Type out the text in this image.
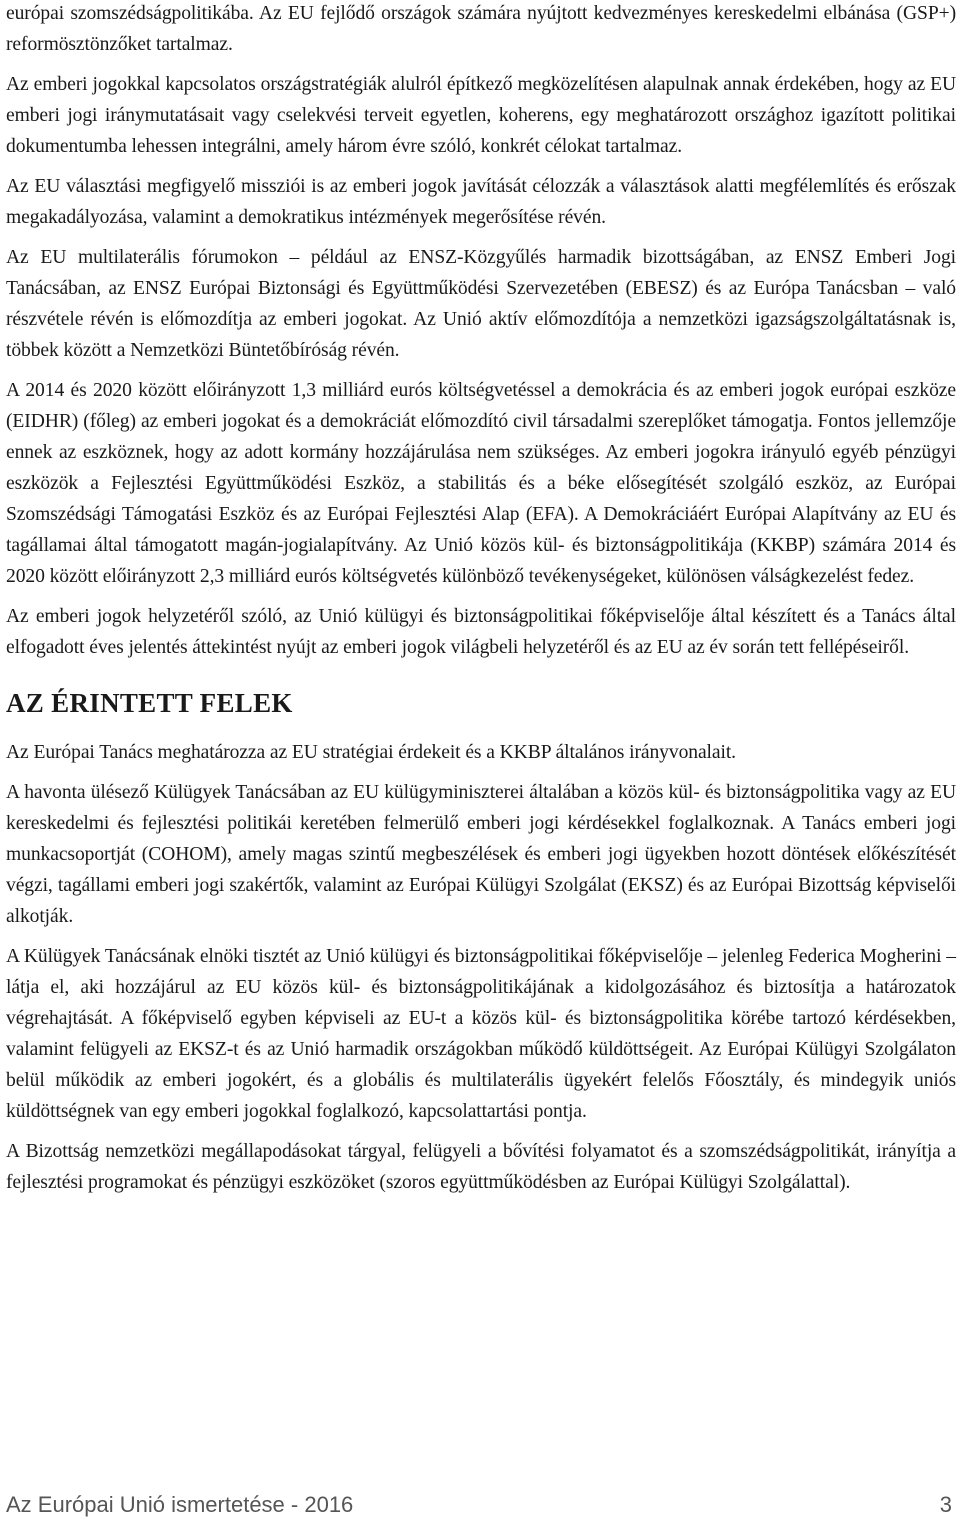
európai szomszédságpolitikába. Az EU fejlődő országok számára nyújtott kedvezményes kereskedelmi elbánása (GSP+) reformösztönzőket tartalmaz.

Az emberi jogokkal kapcsolatos országstratégiák alulról építkező megközelítésen alapulnak annak érdekében, hogy az EU emberi jogi iránymutatásait vagy cselekvési terveit egyetlen, koherens, egy meghatározott országhoz igazított politikai dokumentumba lehessen integrálni, amely három évre szóló, konkrét célokat tartalmaz.

Az EU választási megfigyelő missziói is az emberi jogok javítását célozzák a választások alatti megfélemlítés és erőszak megakadályozása, valamint a demokratikus intézmények megerősítése révén.

Az EU multilaterális fórumokon – például az ENSZ-Közgyűlés harmadik bizottságában, az ENSZ Emberi Jogi Tanácsában, az ENSZ Európai Biztonsági és Együttműködési Szervezetében (EBESZ) és az Európa Tanácsban – való részvétele révén is előmozdítja az emberi jogokat. Az Unió aktív előmozdítója a nemzetközi igazságszolgáltatásnak is, többek között a Nemzetközi Büntetőbíróság révén.

A 2014 és 2020 között előirányzott 1,3 milliárd eurós költségvetéssel a demokrácia és az emberi jogok európai eszköze (EIDHR) (főleg) az emberi jogokat és a demokráciát előmozdító civil társadalmi szereplőket támogatja. Fontos jellemzője ennek az eszköznek, hogy az adott kormány hozzájárulása nem szükséges. Az emberi jogokra irányuló egyéb pénzügyi eszközök a Fejlesztési Együttműködési Eszköz, a stabilitás és a béke elősegítését szolgáló eszköz, az Európai Szomszédsági Támogatási Eszköz és az Európai Fejlesztési Alap (EFA). A Demokráciáért Európai Alapítvány az EU és tagállamai által támogatott magán-jogialapítvány. Az Unió közös kül- és biztonságpolitikája (KKBP) számára 2014 és 2020 között előirányzott 2,3 milliárd eurós költségvetés különböző tevékenységeket, különösen válságkezelést fedez.

Az emberi jogok helyzetéről szóló, az Unió külügyi és biztonságpolitikai főképviselője által készített és a Tanács által elfogadott éves jelentés áttekintést nyújt az emberi jogok világbeli helyzetéről és az EU az év során tett fellépéseiről.

AZ ÉRINTETT FELEK

Az Európai Tanács meghatározza az EU stratégiai érdekeit és a KKBP általános irányvonalait.

A havonta ülésező Külügyek Tanácsában az EU külügyminiszterei általában a közös kül- és biztonságpolitika vagy az EU kereskedelmi és fejlesztési politikái keretében felmerülő emberi jogi kérdésekkel foglalkoznak. A Tanács emberi jogi munkacsoportját (COHOM), amely magas szintű megbeszélések és emberi jogi ügyekben hozott döntések előkészítését végzi, tagállami emberi jogi szakértők, valamint az Európai Külügyi Szolgálat (EKSZ) és az Európai Bizottság képviselői alkotják.

A Külügyek Tanácsának elnöki tisztét az Unió külügyi és biztonságpolitikai főképviselője – jelenleg Federica Mogherini – látja el, aki hozzájárul az EU közös kül- és biztonságpolitikájának a kidolgozásához és biztosítja a határozatok végrehajtását. A főképviselő egyben képviseli az EU-t a közös kül- és biztonságpolitika körébe tartozó kérdésekben, valamint felügyeli az EKSZ-t és az Unió harmadik országokban működő küldöttségeit. Az Európai Külügyi Szolgálaton belül működik az emberi jogokért, és a globális és multilaterális ügyekért felelős Főosztály, és mindegyik uniós küldöttségnek van egy emberi jogokkal foglalkozó, kapcsolattartási pontja.

A Bizottság nemzetközi megállapodásokat tárgyal, felügyeli a bővítési folyamatot és a szomszédságpolitikát, irányítja a fejlesztési programokat és pénzügyi eszközöket (szoros együttműködésben az Európai Külügyi Szolgálattal).

Az Európai Unió ismertetése - 2016	3
